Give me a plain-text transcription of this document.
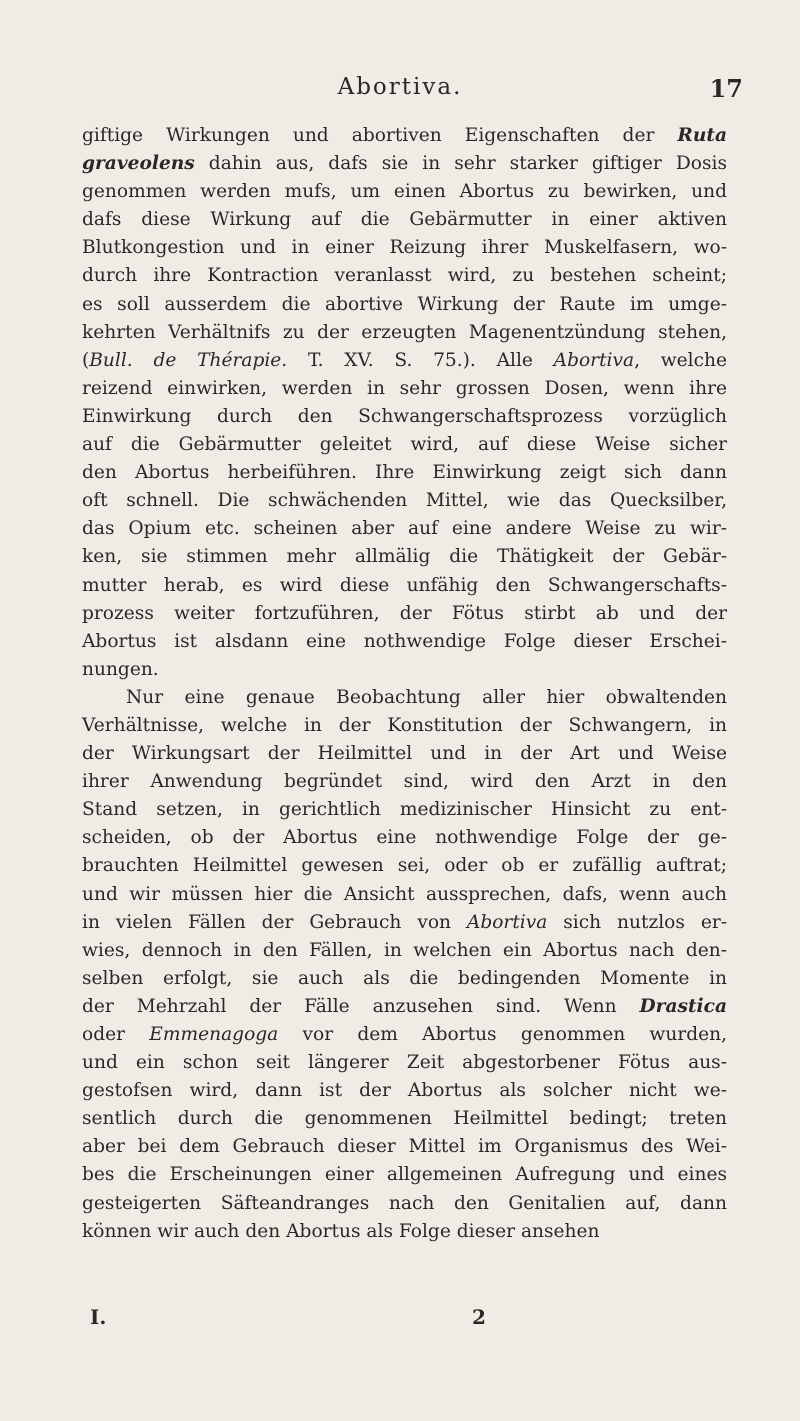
Abortiva.	17
giftige Wirkungen und abortiven Eigenschaften der Ruta
graveolens dahin aus, dafs sie in sehr starker giftiger Dosis
genommen werden mufs, um einen Abortus zu bewirken, und
dafs diese Wirkung auf die Gebärmutter in einer aktiven
Blutkongestion und in einer Reizung ihrer Muskelfasern, wo-
durch ihre Kontraction veranlasst wird, zu bestehen scheint;
es soll ausserdem die abortive Wirkung der Raute im umge-
kehrten Verhältnifs zu der erzeugten Magenentzündung stehen,
(Bull. de Thérapie. T. XV. S. 75.). Alle Abortiva, welche
reizend einwirken, werden in sehr grossen Dosen, wenn ihre
Einwirkung durch den Schwangerschaftsprozess vorzüglich
auf die Gebärmutter geleitet wird, auf diese Weise sicher
den Abortus herbeiführen. Ihre Einwirkung zeigt sich dann
oft schnell. Die schwächenden Mittel, wie das Quecksilber,
das Opium etc. scheinen aber auf eine andere Weise zu wir-
ken, sie stimmen mehr allmälig die Thätigkeit der Gebär-
mutter herab, es wird diese unfähig den Schwangerschafts-
prozess weiter fortzuführen, der Fötus stirbt ab und der
Abortus ist alsdann eine nothwendige Folge dieser Erschei-
nungen.
Nur eine genaue Beobachtung aller hier obwaltenden
Verhältnisse, welche in der Konstitution der Schwangern, in
der Wirkungsart der Heilmittel und in der Art und Weise
ihrer Anwendung begründet sind, wird den Arzt in den
Stand setzen, in gerichtlich medizinischer Hinsicht zu ent-
scheiden, ob der Abortus eine nothwendige Folge der ge-
brauchten Heilmittel gewesen sei, oder ob er zufällig auftrat;
und wir müssen hier die Ansicht aussprechen, dafs, wenn auch
in vielen Fällen der Gebrauch von Abortiva sich nutzlos er-
wies, dennoch in den Fällen, in welchen ein Abortus nach den-
selben erfolgt, sie auch als die bedingenden Momente in
der Mehrzahl der Fälle anzusehen sind. Wenn Drastica
oder Emmenagoga vor dem Abortus genommen wurden,
und ein schon seit längerer Zeit abgestorbener Fötus aus-
gestofsen wird, dann ist der Abortus als solcher nicht we-
sentlich durch die genommenen Heilmittel bedingt; treten
aber bei dem Gebrauch dieser Mittel im Organismus des Wei-
bes die Erscheinungen einer allgemeinen Aufregung und eines
gesteigerten Säfteandranges nach den Genitalien auf, dann
können wir auch den Abortus als Folge dieser ansehen
I.	2
